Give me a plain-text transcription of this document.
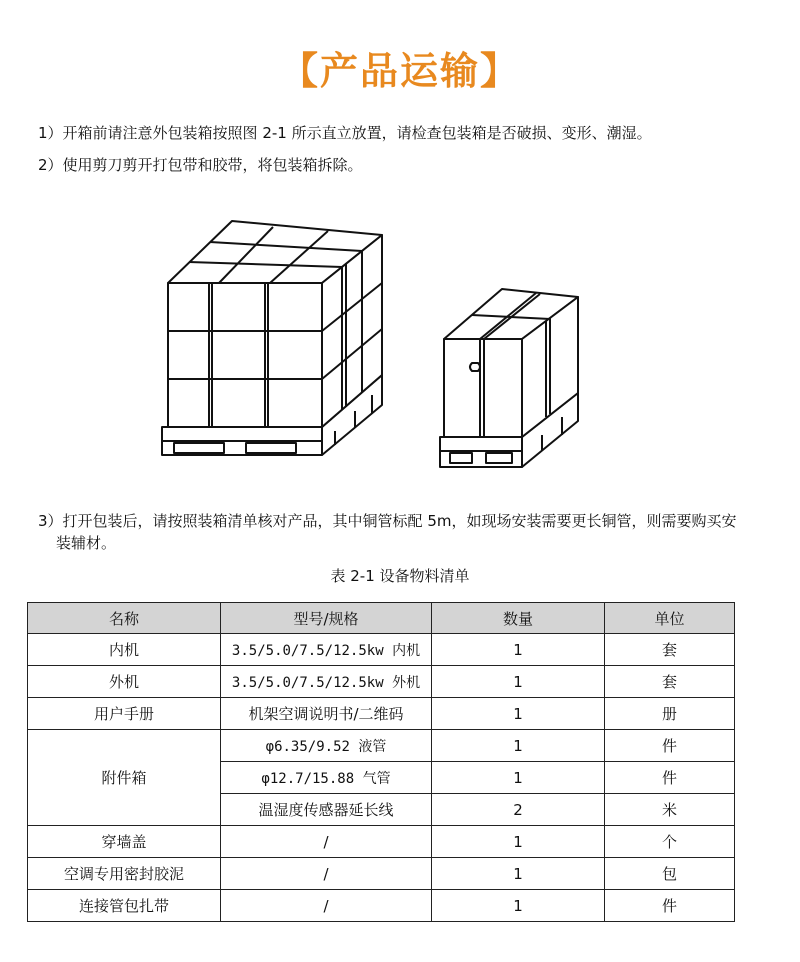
【产品运输】
1）开箱前请注意外包装箱按照图 2-1 所示直立放置，请检查包装箱是否破损、变形、潮湿。
2）使用剪刀剪开打包带和胶带，将包装箱拆除。
3）打开包装后，请按照装箱清单核对产品，其中铜管标配 5m，如现场安装需要更长铜管，则需要购买安
装辅材。
表 2-1 设备物料清单
名称	型号/规格	数量	单位
内机	3.5/5.0/7.5/12.5kw 内机	1	套
外机	3.5/5.0/7.5/12.5kw 外机	1	套
用户手册	机架空调说明书/二维码	1	册
附件箱	φ6.35/9.52 液管	1	件
	φ12.7/15.88 气管	1	件
	温湿度传感器延长线	2	米
穿墙盖	/	1	个
空调专用密封胶泥	/	1	包
连接管包扎带	/	1	件
